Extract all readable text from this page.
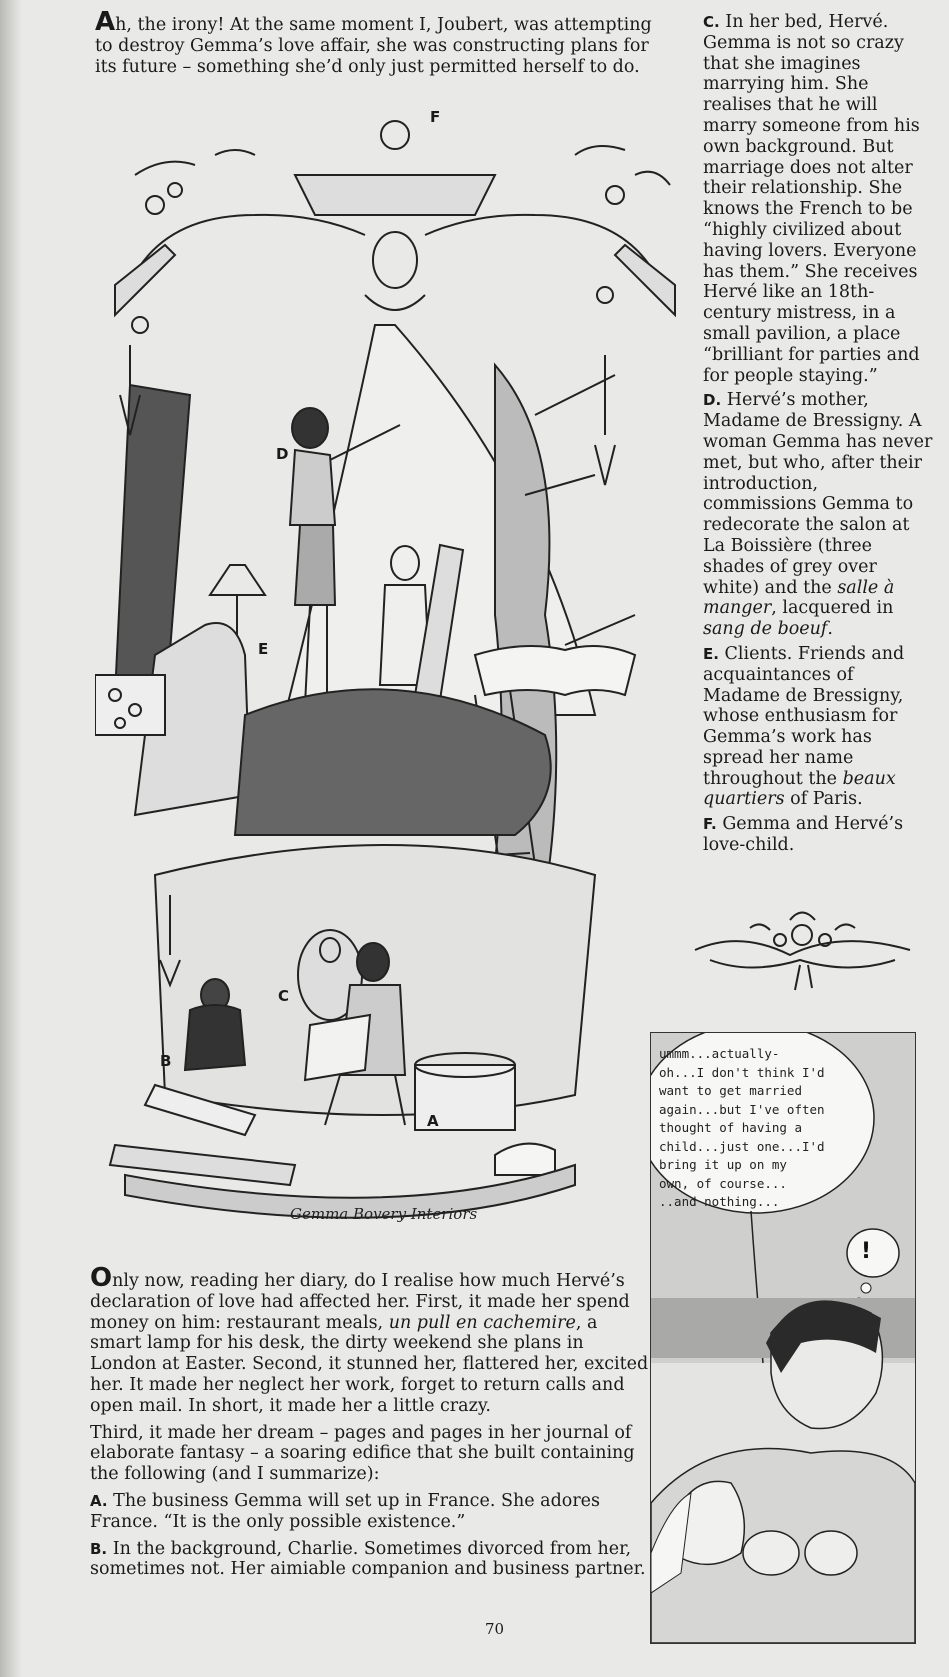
Ah, the irony! At the same moment I, Joubert, was attempting to destroy Gemma’s love affair, she was constructing plans for its future – something she’d only just permitted herself to do.

C. In her bed, Hervé. Gemma is not so crazy that she imagines marrying him. She realises that he will marry someone from his own background. But marriage does not alter their relationship. She knows the French to be “highly civilized about having lovers. Everyone has them.” She receives Hervé like an 18th-century mistress, in a small pavilion, a place “brilliant for parties and for people staying.”

D. Hervé’s mother, Madame de Bressigny. A woman Gemma has never met, but who, after their introduction, commissions Gemma to redecorate the salon at La Boissière (three shades of grey over white) and the salle à manger, lacquered in sang de boeuf.

E. Clients. Friends and acquaintances of Madame de Bressigny, whose enthusiasm for Gemma’s work has spread her name throughout the beaux quartiers of Paris.

F. Gemma and Hervé’s love-child.

F
D
E
C
B
A
Gemma Bovery Interiors
ummm...actually-
oh...I don't think I'd
want to get married
again...but I've often
thought of having a
child...just one...I'd
bring it up on my
own, of course...
..and nothing...
!

Only now, reading her diary, do I realise how much Hervé’s declaration of love had affected her. First, it made her spend money on him: restaurant meals, un pull en cachemire, a smart lamp for his desk, the dirty weekend she plans in London at Easter. Second, it stunned her, flattered her, excited her. It made her neglect her work, forget to return calls and open mail. In short, it made her a little crazy.

Third, it made her dream – pages and pages in her journal of elaborate fantasy – a soaring edifice that she built containing the following (and I summarize):

A. The business Gemma will set up in France. She adores France. “It is the only possible existence.”

B. In the background, Charlie. Sometimes divorced from her, sometimes not. Her aimiable companion and business partner.

70
